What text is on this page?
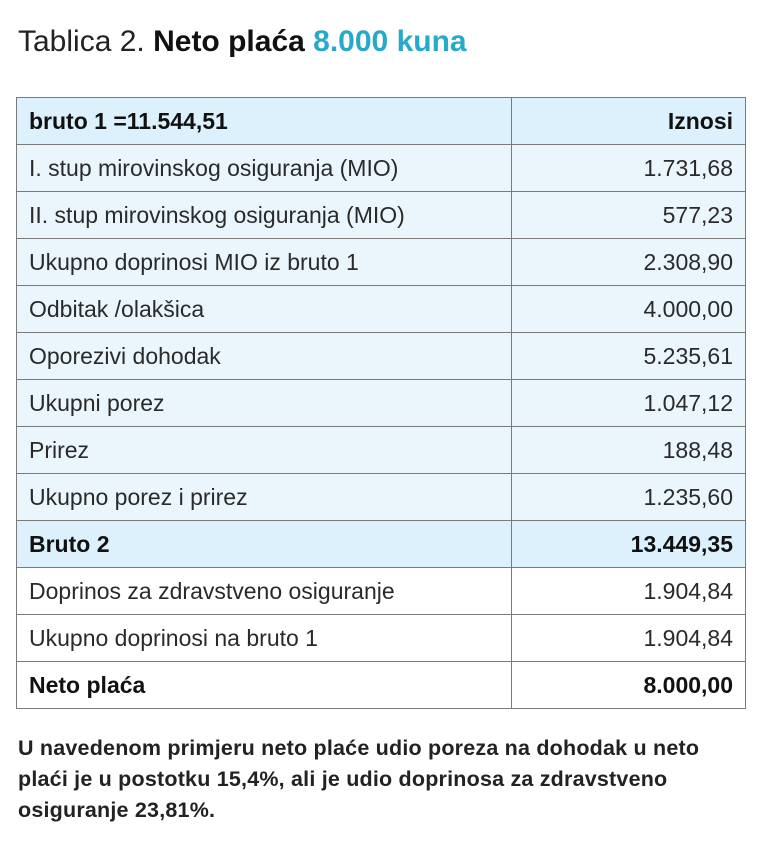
Tablica 2. Neto plaća 8.000 kuna
bruto 1 =11.544,51	Iznosi
I. stup mirovinskog osiguranja (MIO)	1.731,68
II. stup mirovinskog osiguranja (MIO)	577,23
Ukupno doprinosi MIO iz bruto 1	2.308,90
Odbitak /olakšica	4.000,00
Oporezivi dohodak	5.235,61
Ukupni porez	1.047,12
Prirez	188,48
Ukupno porez i prirez	1.235,60
Bruto 2	13.449,35
Doprinos za zdravstveno osiguranje	1.904,84
Ukupno doprinosi na bruto 1	1.904,84
Neto plaća	8.000,00
U navedenom primjeru neto plaće udio poreza na dohodak u neto plaći je u postotku 15,4%, ali je udio doprinosa za zdravstveno osiguranje 23,81%.
